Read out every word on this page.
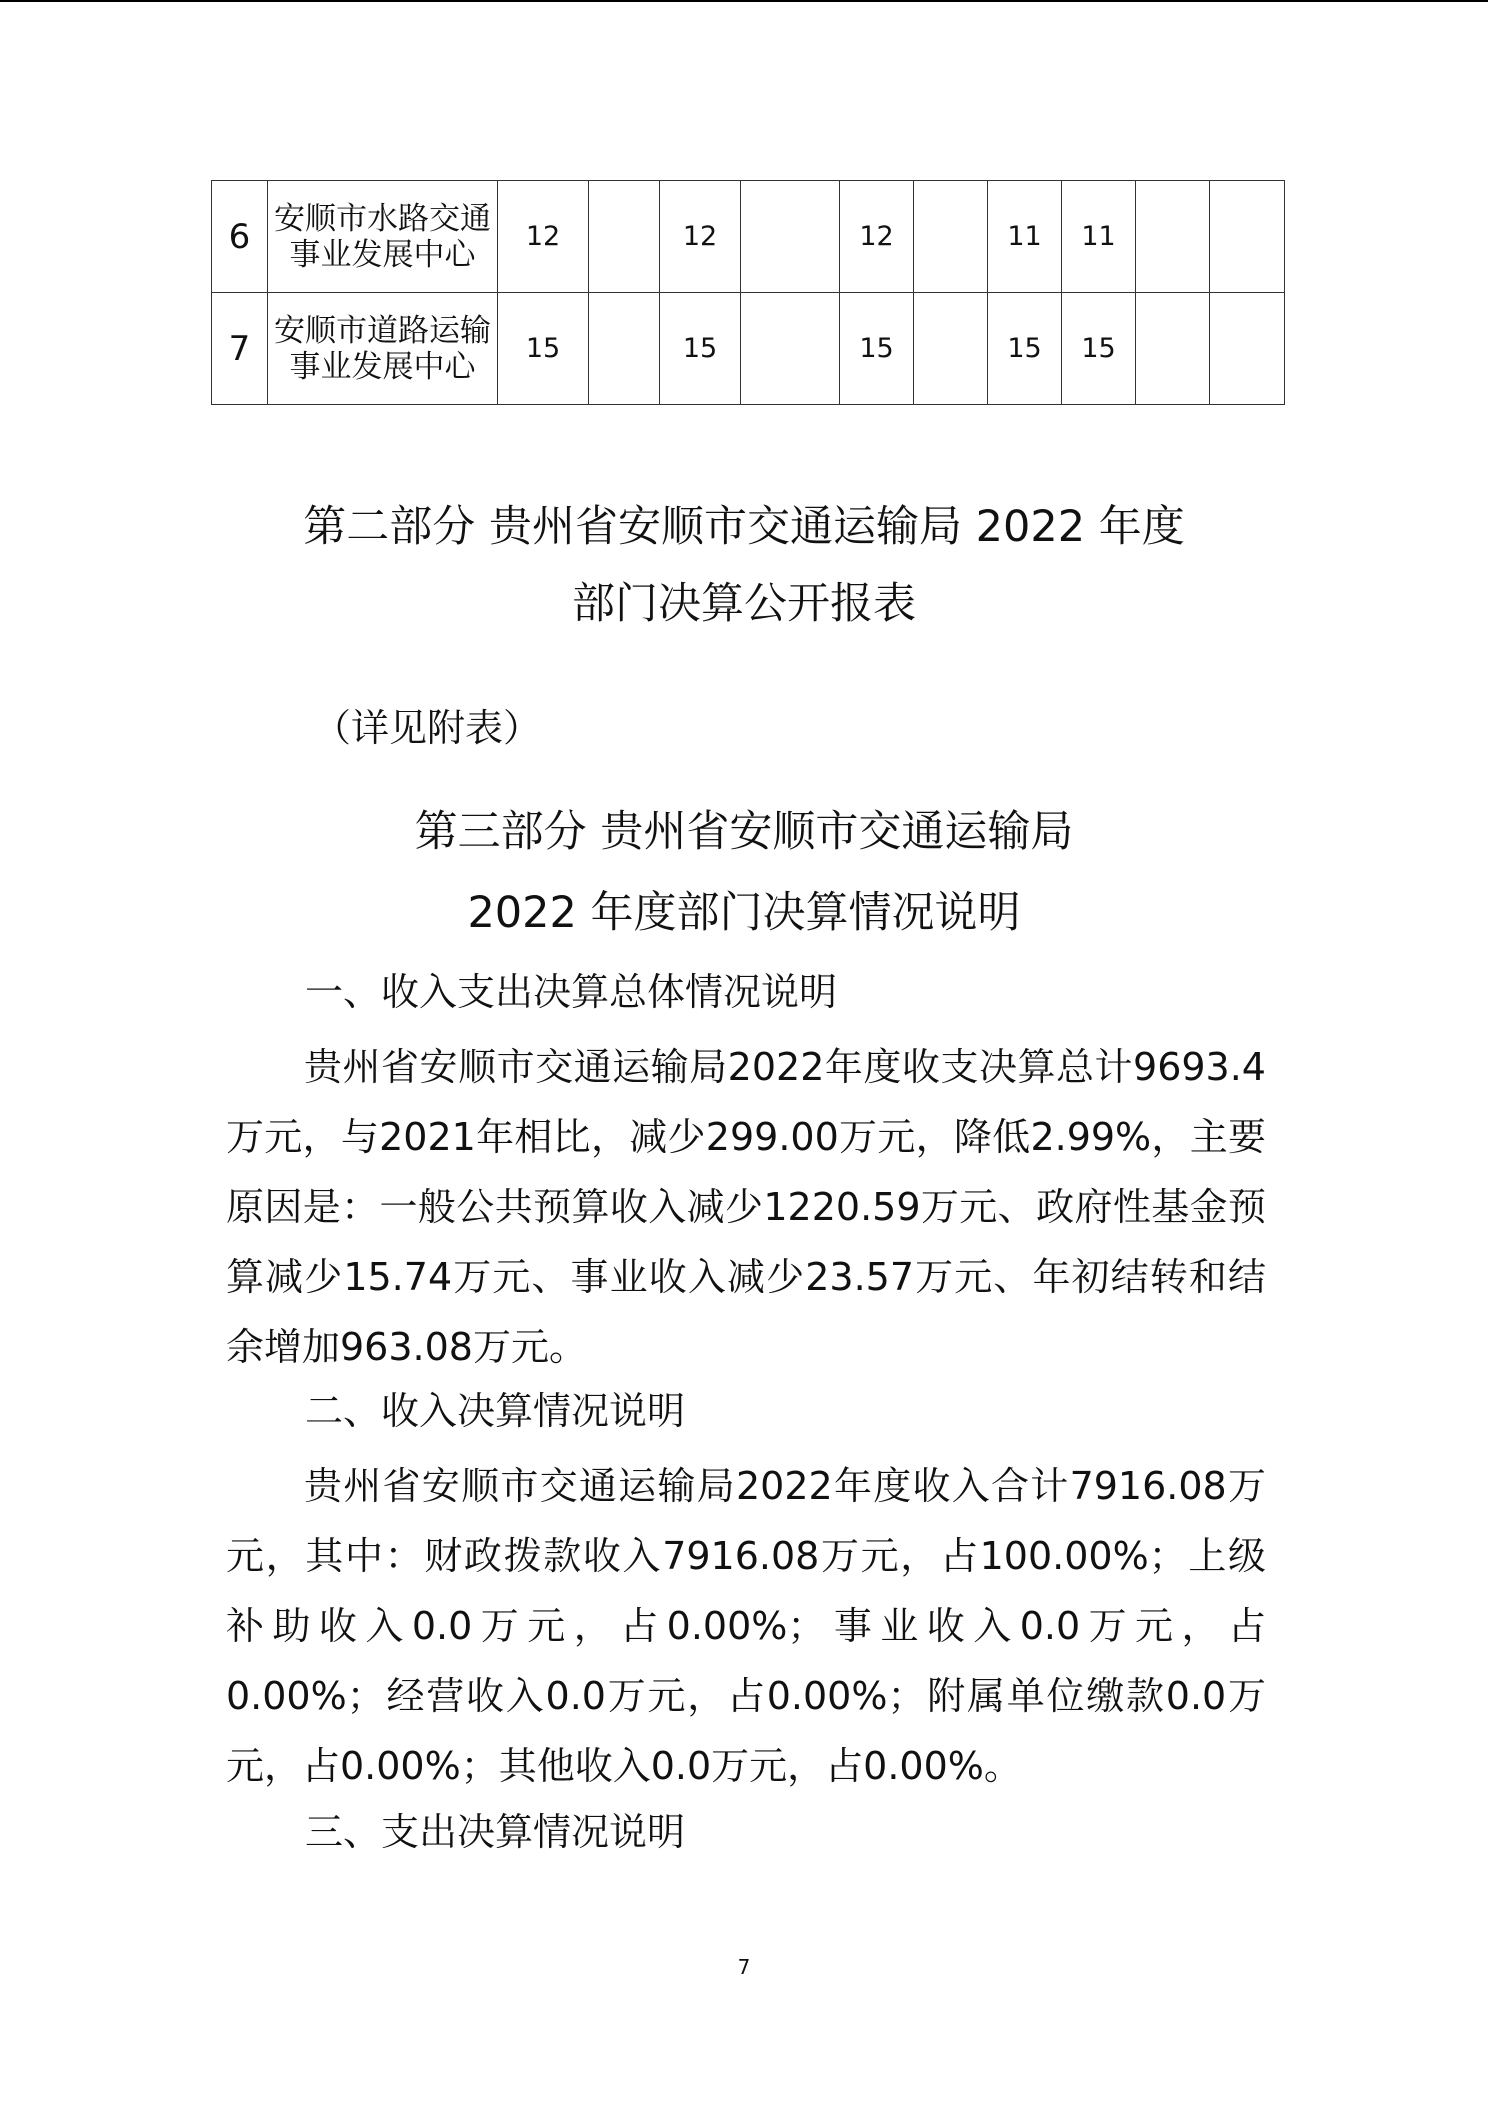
6	安顺市水路交通事业发展中心	12		12		12		11	11		
7	安顺市道路运输事业发展中心	15		15		15		15	15		
第二部分 贵州省安顺市交通运输局 2022 年度
部门决算公开报表
（详见附表）
第三部分 贵州省安顺市交通运输局
2022 年度部门决算情况说明
一、收入支出决算总体情况说明
贵州省安顺市交通运输局2022年度收支决算总计9693.4万元，与2021年相比，减少299.00万元，降低2.99%，主要原因是：一般公共预算收入减少1220.59万元、政府性基金预算减少15.74万元、事业收入减少23.57万元、年初结转和结余增加963.08万元。
二、收入决算情况说明
贵州省安顺市交通运输局2022年度收入合计7916.08万元，其中：财政拨款收入7916.08万元，占100.00%；上级补助收入0.0万元，占0.00%；事业收入0.0万元，占0.00%；经营收入0.0万元，占0.00%；附属单位缴款0.0万元，占0.00%；其他收入0.0万元，占0.00%。
三、支出决算情况说明
7
